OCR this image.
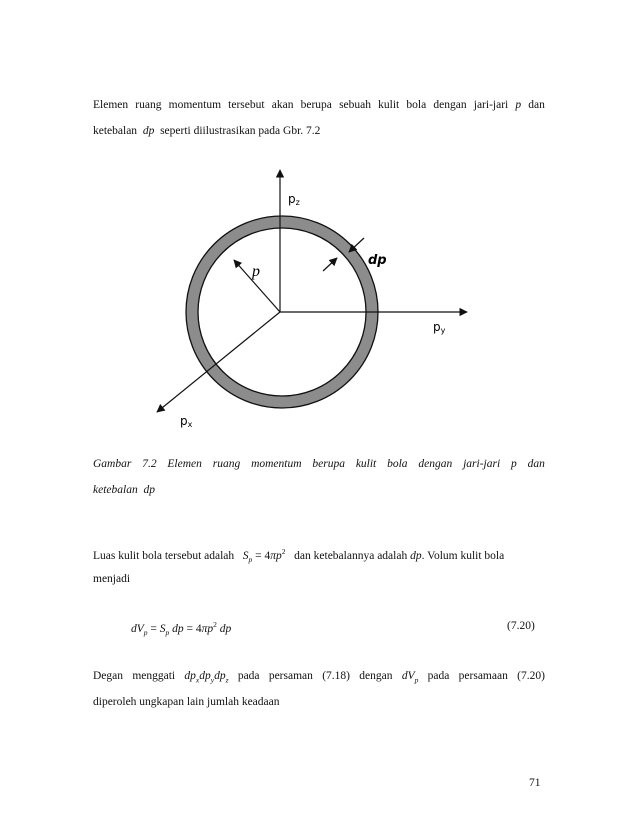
Elemen ruang momentum tersebut akan berupa sebuah kulit bola dengan jari-jari p dan
ketebalan dp seperti diilustrasikan pada Gbr. 7.2
pz
py
px
p
dp
Gambar 7.2 Elemen ruang momentum berupa kulit bola dengan jari-jari p dan
ketebalan  dp
Luas kulit bola tersebut adalah $S_p = 4\pi p^2$ dan ketebalannya adalah dp. Volum kulit bola
menjadi
$dV_p = S_p$ dp = $4\pi p^2$ dp	(7.20)
Degan menggati $dp_xdp_ydp_z$ pada persaman (7.18) dengan $dV_p$ pada persamaan (7.20)
diperoleh ungkapan lain jumlah keadaan
71
